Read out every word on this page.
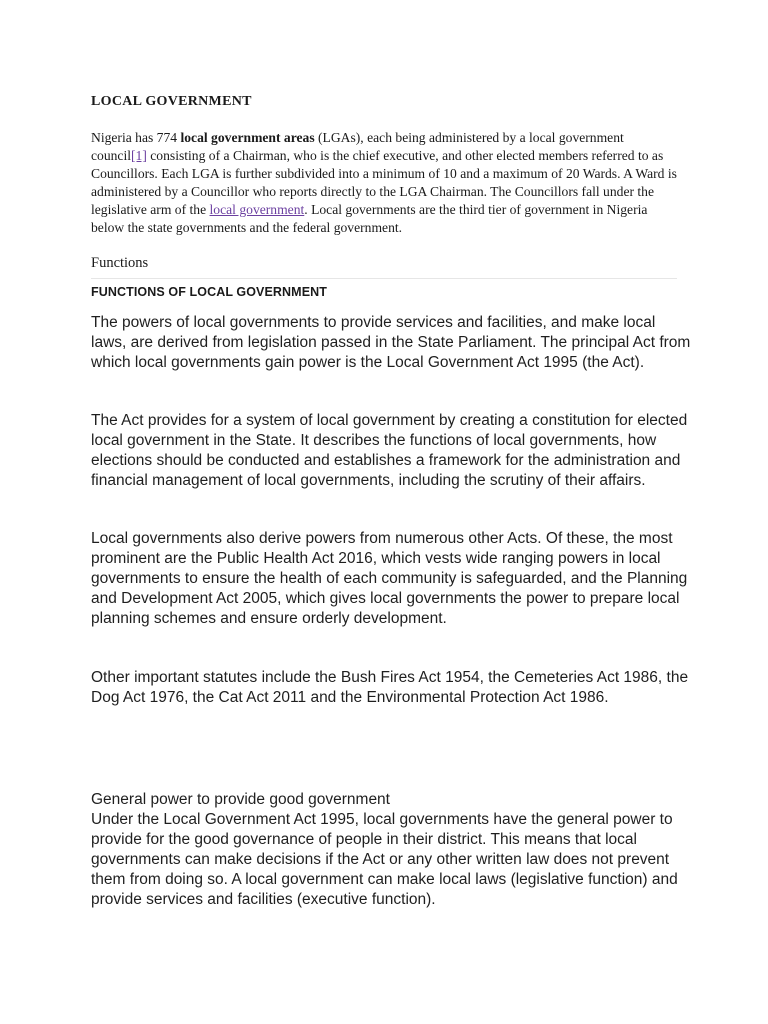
LOCAL GOVERNMENT

Nigeria has 774 local government areas (LGAs), each being administered by a local government council[1] consisting of a Chairman, who is the chief executive, and other elected members referred to as Councillors. Each LGA is further subdivided into a minimum of 10 and a maximum of 20 Wards. A Ward is administered by a Councillor who reports directly to the LGA Chairman. The Councillors fall under the legislative arm of the local government. Local governments are the third tier of government in Nigeria below the state governments and the federal government.

Functions
FUNCTIONS OF LOCAL GOVERNMENT

The powers of local governments to provide services and facilities, and make local laws, are derived from legislation passed in the State Parliament. The principal Act from which local governments gain power is the Local Government Act 1995 (the Act).

The Act provides for a system of local government by creating a constitution for elected local government in the State. It describes the functions of local governments, how elections should be conducted and establishes a framework for the administration and financial management of local governments, including the scrutiny of their affairs.

Local governments also derive powers from numerous other Acts. Of these, the most prominent are the Public Health Act 2016, which vests wide ranging powers in local governments to ensure the health of each community is safeguarded, and the Planning and Development Act 2005, which gives local governments the power to prepare local planning schemes and ensure orderly development.

Other important statutes include the Bush Fires Act 1954, the Cemeteries Act 1986, the Dog Act 1976, the Cat Act 2011 and the Environmental Protection Act 1986.

General power to provide good government

Under the Local Government Act 1995, local governments have the general power to provide for the good governance of people in their district. This means that local governments can make decisions if the Act or any other written law does not prevent them from doing so. A local government can make local laws (legislative function) and provide services and facilities (executive function).
